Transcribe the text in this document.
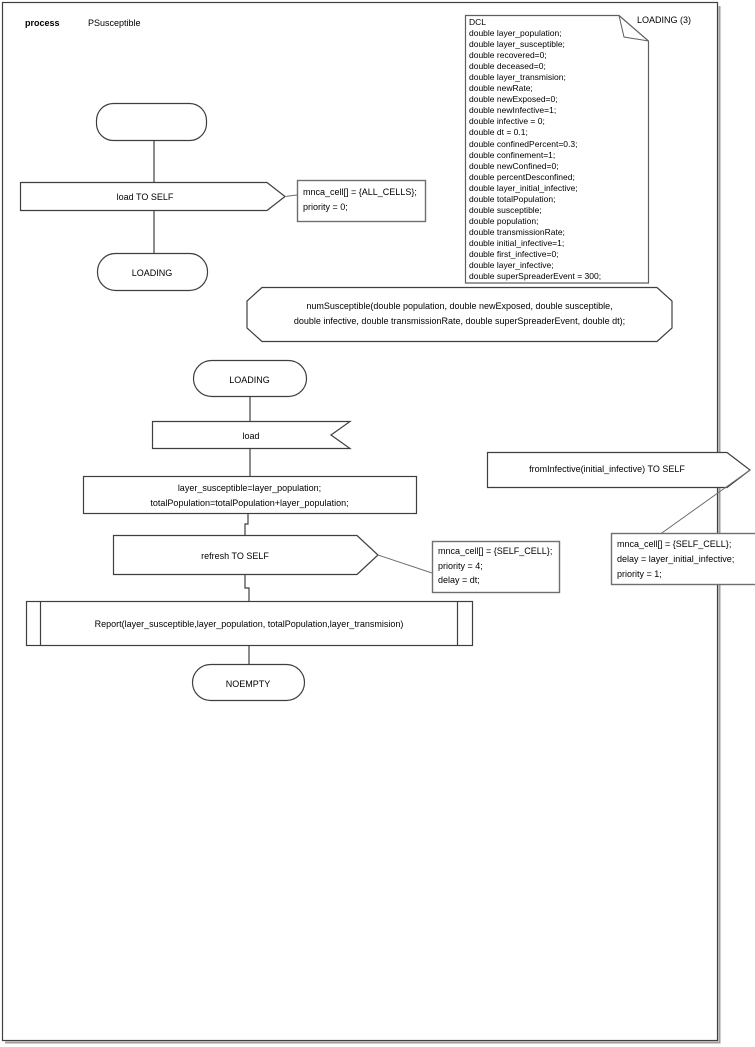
process	PSusceptible	LOADING (3)
DCL
double layer_population;
double layer_susceptible;
double recovered=0;
double deceased=0;
double layer_transmision;
double newRate;
double newExposed=0;
double newInfective=1;
double infective = 0;
double dt = 0.1;
double confinedPercent=0.3;
double confinement=1;
double newConfined=0;
double percentDesconfined;
double layer_initial_infective;
double totalPopulation;
double susceptible;
double population;
double transmissionRate;
double initial_infective=1;
double first_infective=0;
double layer_infective;
double superSpreaderEvent = 300;
load TO SELF	mnca_cell[] = {ALL_CELLS};
priority = 0;
LOADING
numSusceptible(double population, double newExposed, double susceptible,
double infective, double transmissionRate, double superSpreaderEvent, double dt);
LOADING
load
layer_susceptible=layer_population;
totalPopulation=totalPopulation+layer_population;
refresh TO SELF	mnca_cell[] = {SELF_CELL};
priority = 4;
delay = dt;
Report(layer_susceptible,layer_population, totalPopulation,layer_transmision)
NOEMPTY
fromInfective(initial_infective) TO SELF
mnca_cell[] = {SELF_CELL};
delay = layer_initial_infective;
priority = 1;
